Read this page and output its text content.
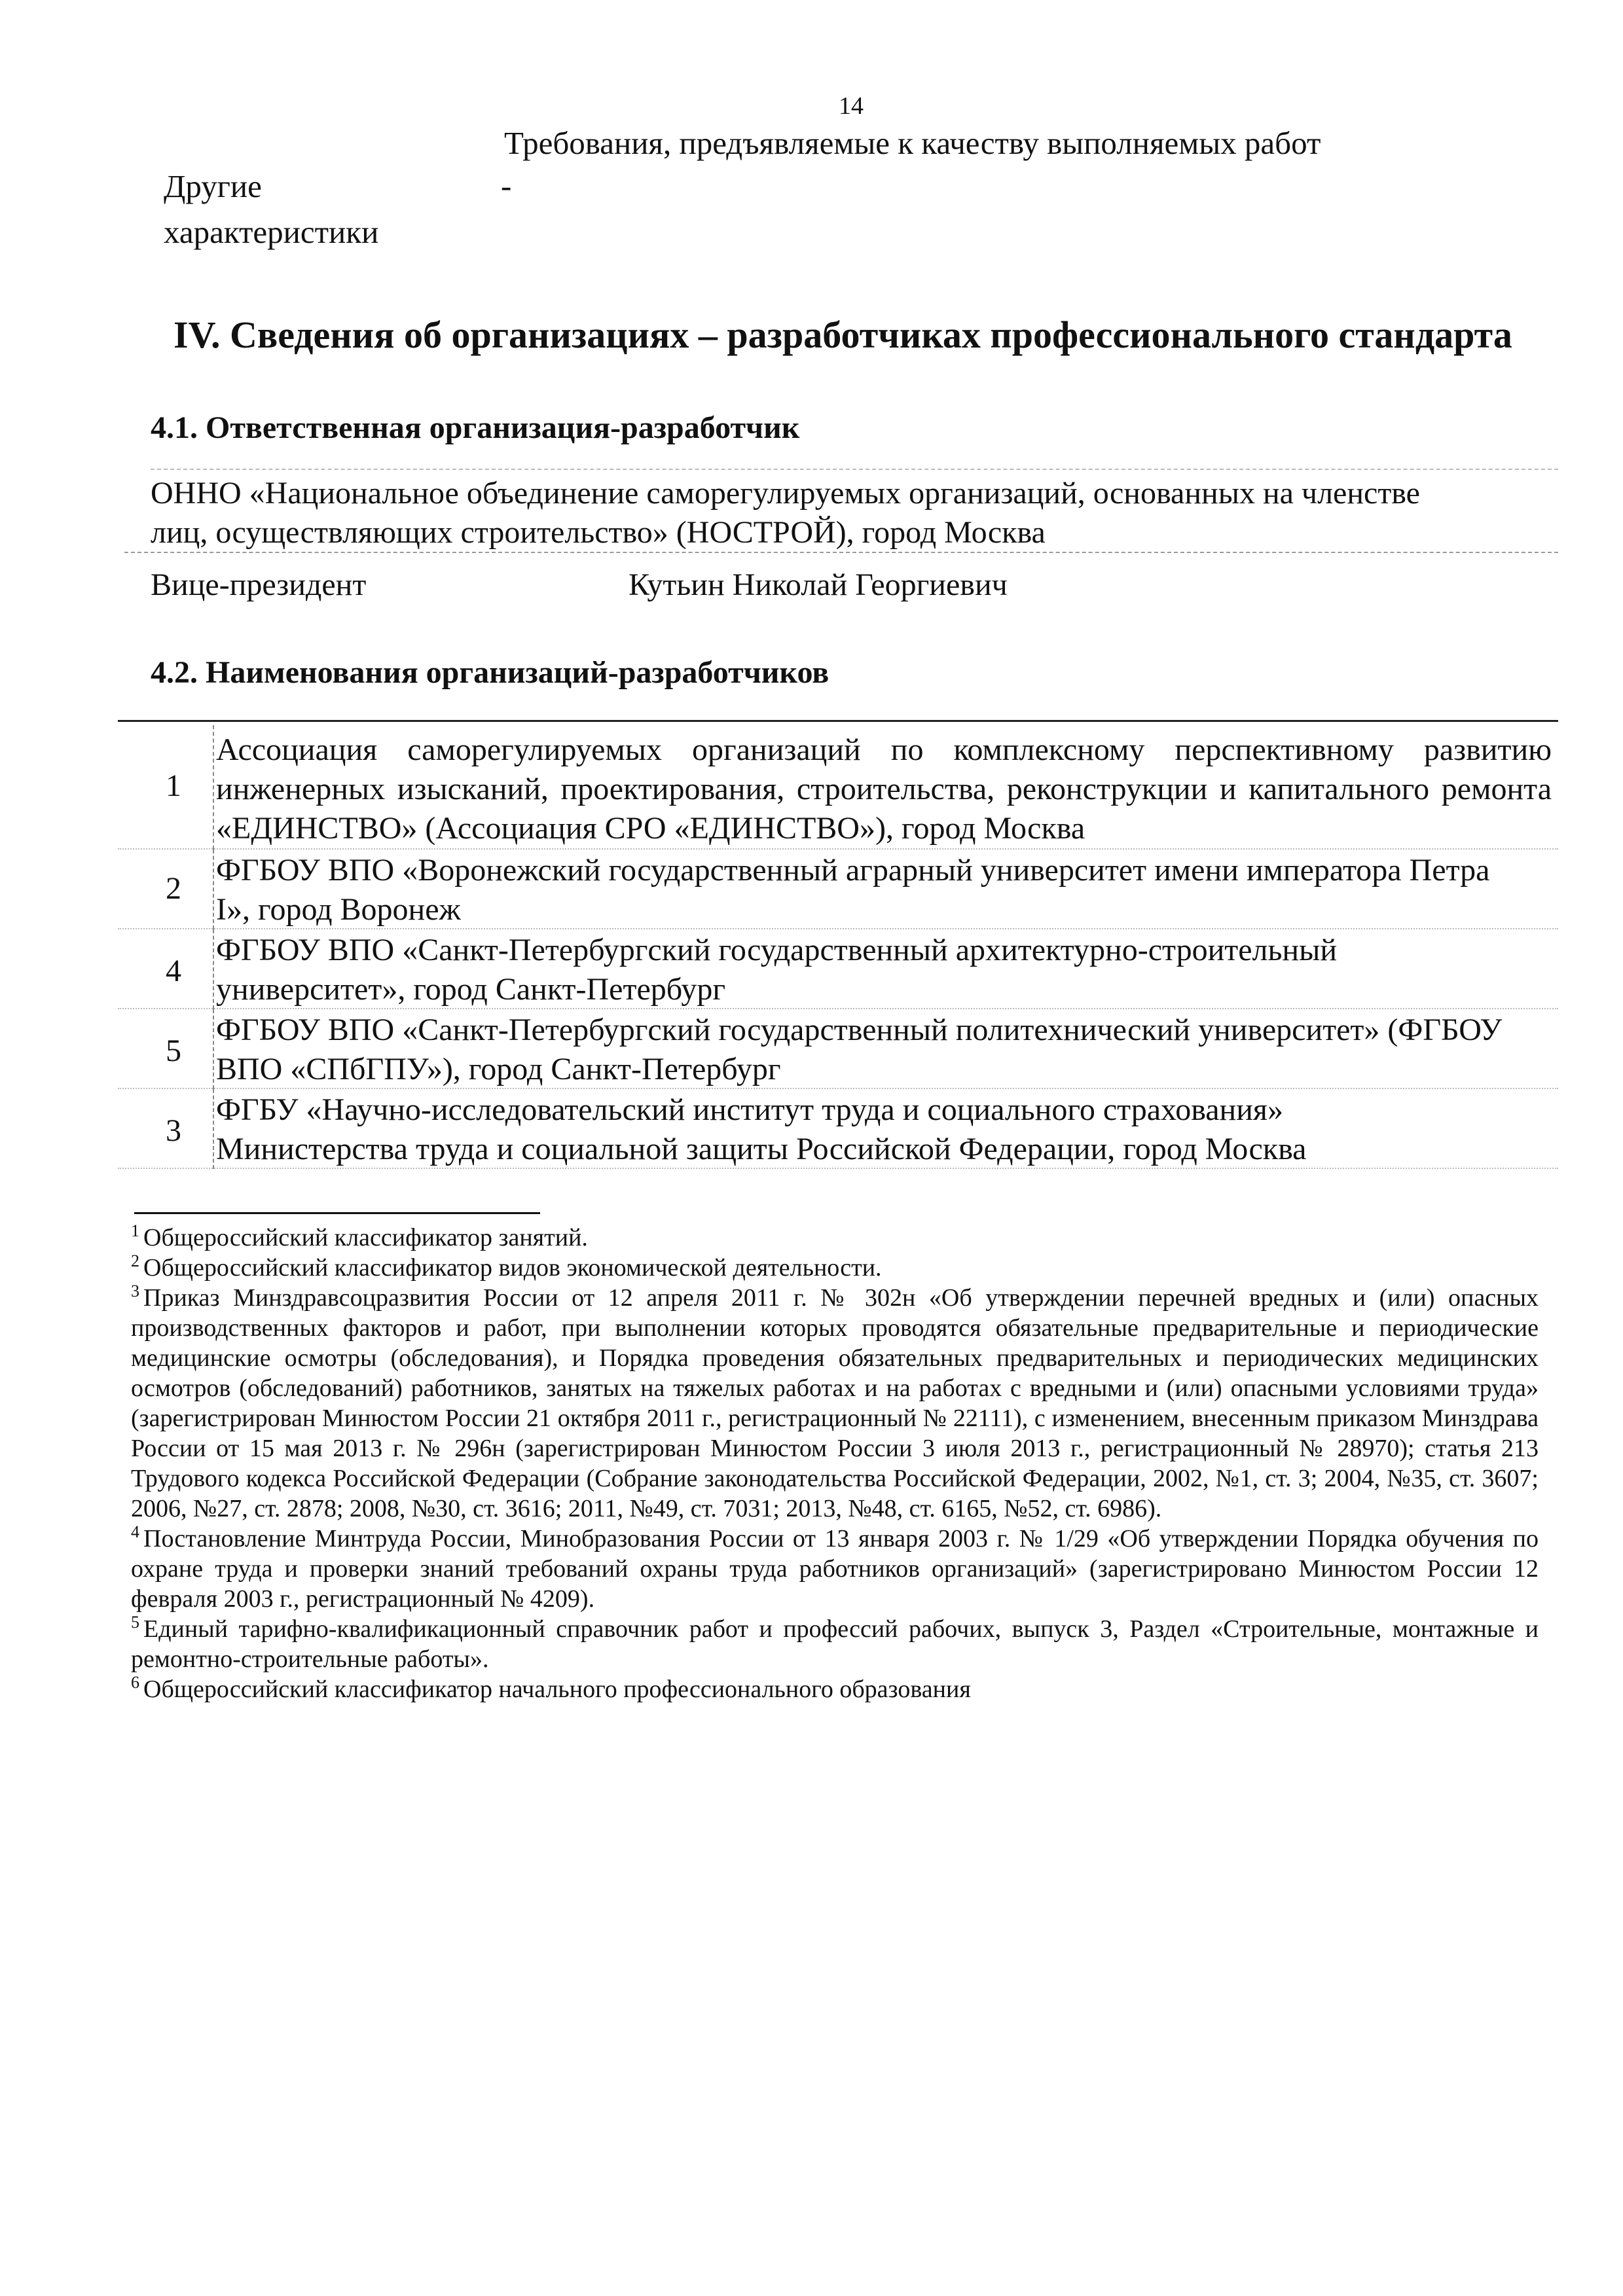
14
Требования, предъявляемые к качеству выполняемых работ
Другие
характеристики
-
IV. Сведения об организациях – разработчиках профессионального стандарта
4.1. Ответственная организация-разработчик
ОННО «Национальное объединение саморегулируемых организаций, основанных на членстве
лиц, осуществляющих строительство» (НОСТРОЙ), город Москва
Вице-президент	Кутьин Николай Георгиевич
4.2. Наименования организаций-разработчиков
1
Ассоциация саморегулируемых организаций по комплексному перспективному развитию инженерных изысканий, проектирования, строительства, реконструкции и капитального ремонта «ЕДИНСТВО» (Ассоциация СРО «ЕДИНСТВО»), город Москва
2
ФГБОУ ВПО «Воронежский государственный аграрный университет имени императора Петра I», город Воронеж
4
ФГБОУ ВПО «Санкт-Петербургский государственный архитектурно-строительный университет», город Санкт-Петербург
5
ФГБОУ ВПО «Санкт-Петербургский государственный политехнический университет» (ФГБОУ ВПО «СПбГПУ»), город Санкт-Петербург
3
ФГБУ «Научно-исследовательский институт труда и социального страхования» Министерства труда и социальной защиты Российской Федерации, город Москва

$^1$ Общероссийский классификатор занятий.

$^2$ Общероссийский классификатор видов экономической деятельности.

$^3$ Приказ Минздравсоцразвития России от 12 апреля 2011 г. № 302н «Об утверждении перечней вредных и (или) опасных производственных факторов и работ, при выполнении которых проводятся обязательные предварительные и периодические медицинские осмотры (обследования), и Порядка проведения обязательных предварительных и периодических медицинских осмотров (обследований) работников, занятых на тяжелых работах и на работах с вредными и (или) опасными условиями труда» (зарегистрирован Минюстом России 21 октября 2011 г., регистрационный № 22111), с изменением, внесенным приказом Минздрава России от 15 мая 2013 г. № 296н (зарегистрирован Минюстом России 3 июля 2013 г., регистрационный № 28970); статья 213 Трудового кодекса Российской Федерации (Собрание законодательства Российской Федерации, 2002, №1, ст. 3; 2004, №35, ст. 3607; 2006, №27, ст. 2878; 2008, №30, ст. 3616; 2011, №49, ст. 7031; 2013, №48, ст. 6165, №52, ст. 6986).

$^4$ Постановление Минтруда России, Минобразования России от 13 января 2003 г. № 1/29 «Об утверждении Порядка обучения по охране труда и проверки знаний требований охраны труда работников организаций» (зарегистрировано Минюстом России 12 февраля 2003 г., регистрационный № 4209).

$^5$ Единый тарифно-квалификационный справочник работ и профессий рабочих, выпуск 3, Раздел «Строительные, монтажные и ремонтно-строительные работы».

$^6$ Общероссийский классификатор начального профессионального образования
